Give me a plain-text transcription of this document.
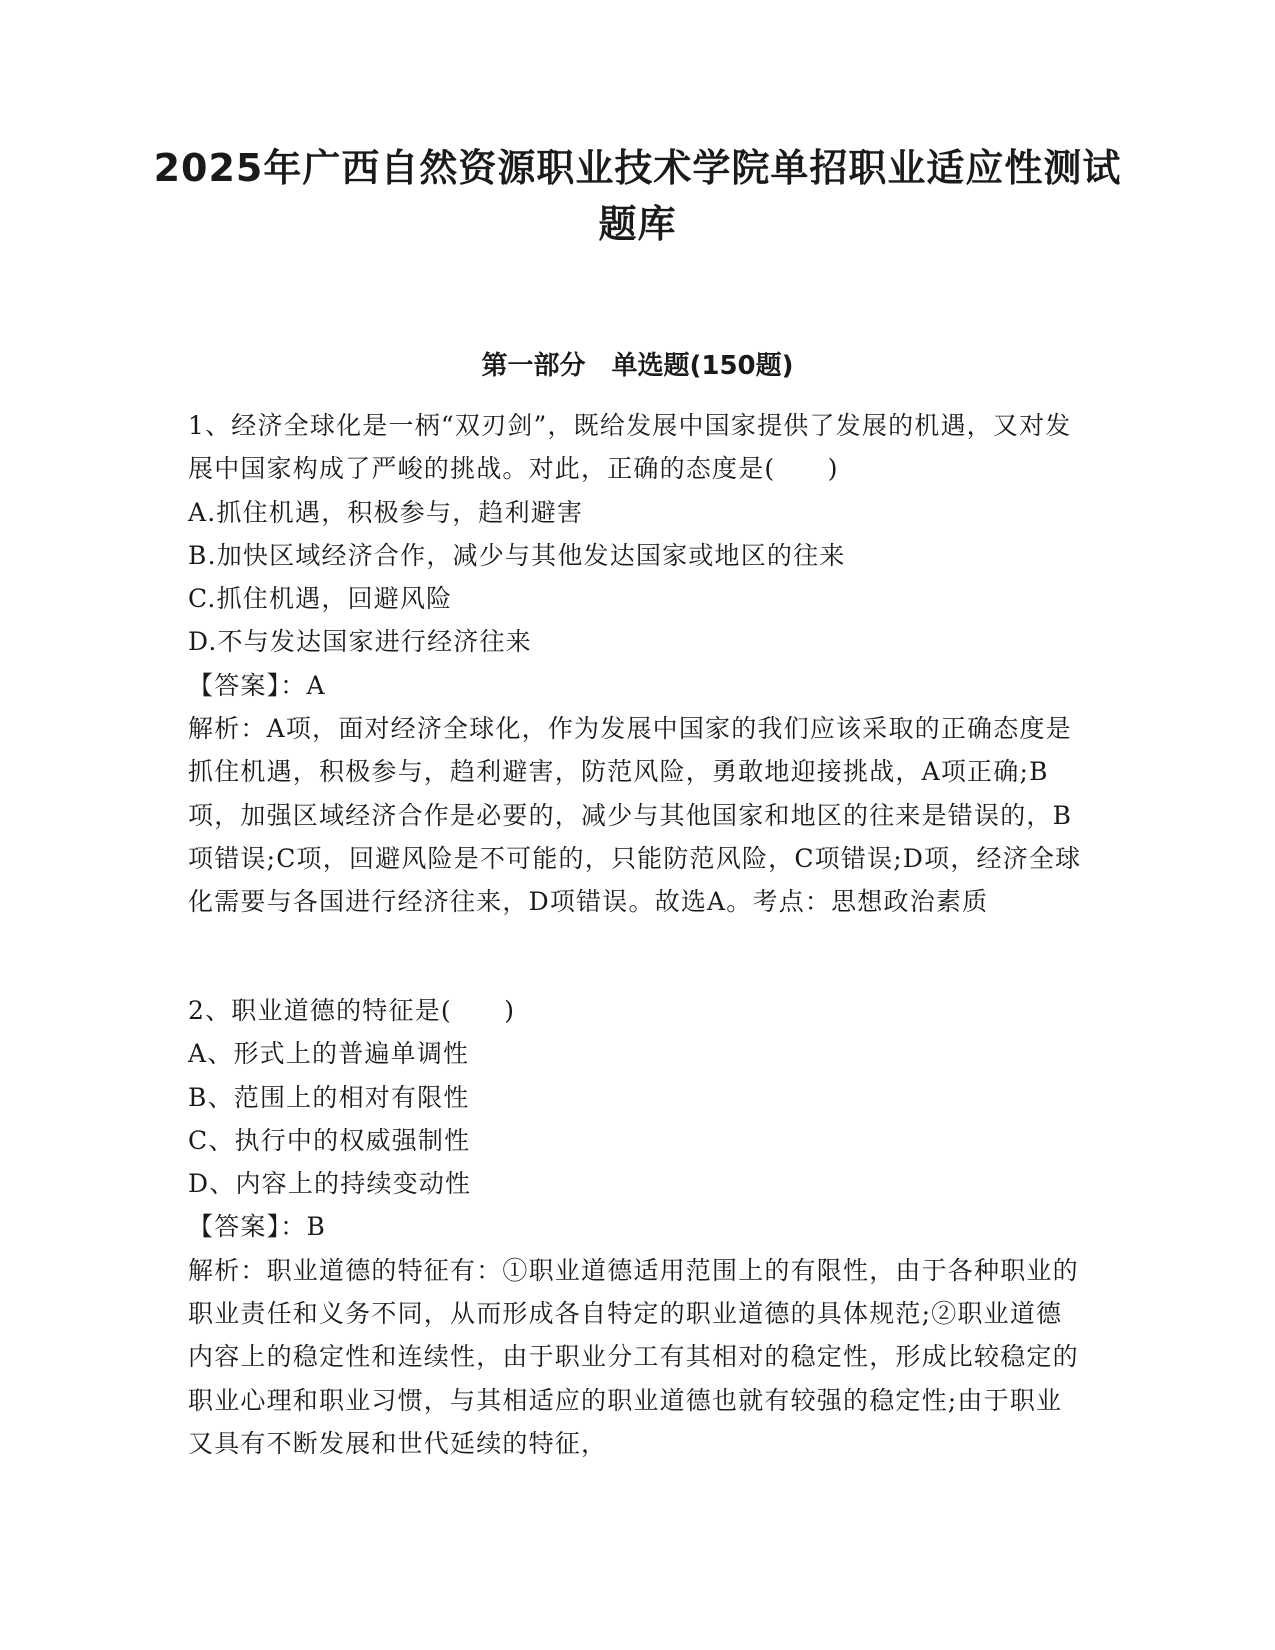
2025年广西自然资源职业技术学院单招职业适应性测试题库
第一部分　单选题(150题)

1、经济全球化是一柄“双刃剑”，既给发展中国家提供了发展的机遇，又对发展中国家构成了严峻的挑战。对此，正确的态度是(　　)

A.抓住机遇，积极参与，趋利避害

B.加快区域经济合作，减少与其他发达国家或地区的往来

C.抓住机遇，回避风险

D.不与发达国家进行经济往来

【答案】：A

解析：A项，面对经济全球化，作为发展中国家的我们应该采取的正确态度是抓住机遇，积极参与，趋利避害，防范风险，勇敢地迎接挑战，A项正确;B项，加强区域经济合作是必要的，减少与其他国家和地区的往来是错误的，B项错误;C项，回避风险是不可能的，只能防范风险，C项错误;D项，经济全球化需要与各国进行经济往来，D项错误。故选A。考点：思想政治素质

2、职业道德的特征是(　　)

A、形式上的普遍单调性

B、范围上的相对有限性

C、执行中的权威强制性

D、内容上的持续变动性

【答案】：B

解析：职业道德的特征有：①职业道德适用范围上的有限性，由于各种职业的职业责任和义务不同，从而形成各自特定的职业道德的具体规范;②职业道德内容上的稳定性和连续性，由于职业分工有其相对的稳定性，形成比较稳定的职业心理和职业习惯，与其相适应的职业道德也就有较强的稳定性;由于职业又具有不断发展和世代延续的特征，
